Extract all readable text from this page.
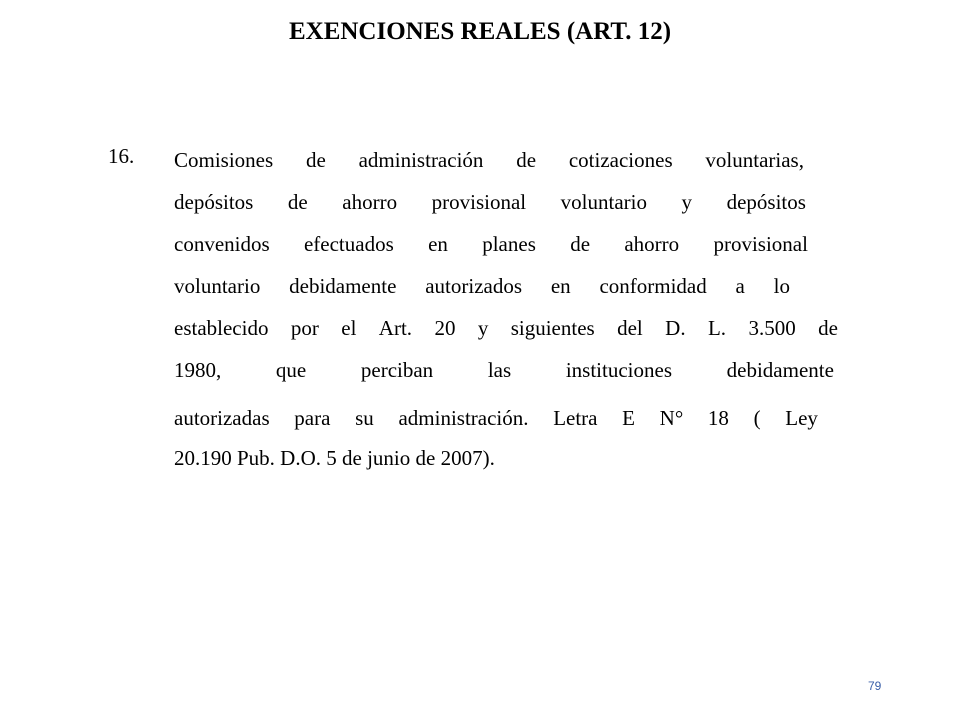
EXENCIONES REALES (ART. 12)
16. Comisiones de administración de cotizaciones voluntarias,
depósitos de ahorro provisional voluntario y depósitos
convenidos efectuados en planes de ahorro provisional
voluntario debidamente autorizados en conformidad a lo
establecido por el Art. 20 y siguientes del D. L. 3.500 de
1980,	que	perciban	las	instituciones	debidamente
autorizadas para su administración. Letra E N° 18 ( Ley
20.190 Pub. D.O. 5 de junio de 2007).
79
